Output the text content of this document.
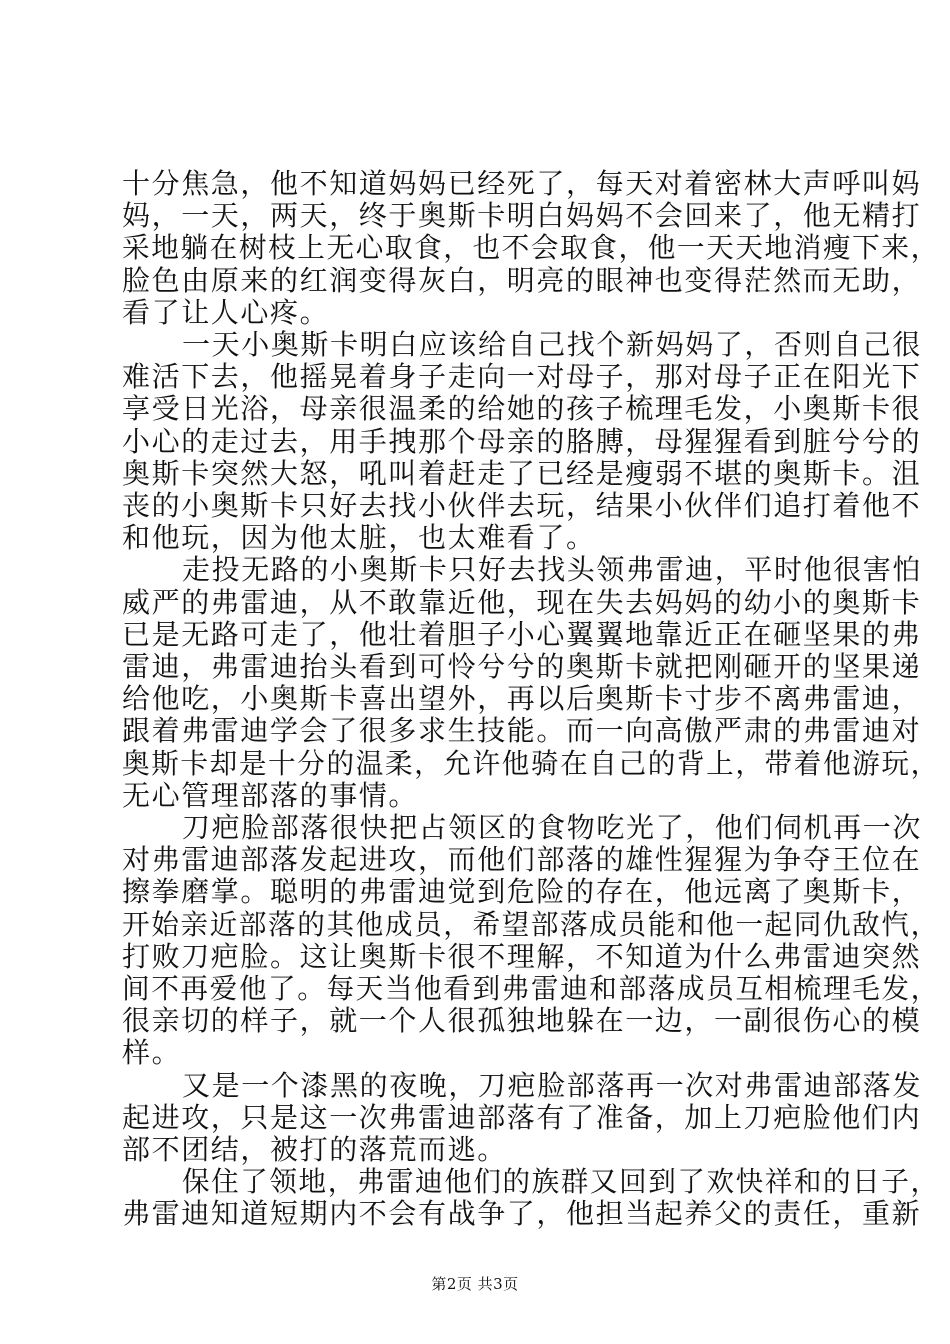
十分焦急，他不知道妈妈已经死了，每天对着密林大声呼叫妈
妈，一天，两天，终于奥斯卡明白妈妈不会回来了，他无精打
采地躺在树枝上无心取食，也不会取食，他一天天地消瘦下来，
脸色由原来的红润变得灰白，明亮的眼神也变得茫然而无助，
看了让人心疼。
一天小奥斯卡明白应该给自己找个新妈妈了，否则自己很
难活下去，他摇晃着身子走向一对母子，那对母子正在阳光下
享受日光浴，母亲很温柔的给她的孩子梳理毛发，小奥斯卡很
小心的走过去，用手拽那个母亲的胳膊，母猩猩看到脏兮兮的
奥斯卡突然大怒，吼叫着赶走了已经是瘦弱不堪的奥斯卡。沮
丧的小奥斯卡只好去找小伙伴去玩，结果小伙伴们追打着他不
和他玩，因为他太脏，也太难看了。
走投无路的小奥斯卡只好去找头领弗雷迪，平时他很害怕
威严的弗雷迪，从不敢靠近他，现在失去妈妈的幼小的奥斯卡
已是无路可走了，他壮着胆子小心翼翼地靠近正在砸坚果的弗
雷迪，弗雷迪抬头看到可怜兮兮的奥斯卡就把刚砸开的坚果递
给他吃，小奥斯卡喜出望外，再以后奥斯卡寸步不离弗雷迪，
跟着弗雷迪学会了很多求生技能。而一向高傲严肃的弗雷迪对
奥斯卡却是十分的温柔，允许他骑在自己的背上，带着他游玩，
无心管理部落的事情。
刀疤脸部落很快把占领区的食物吃光了，他们伺机再一次
对弗雷迪部落发起进攻，而他们部落的雄性猩猩为争夺王位在
擦拳磨掌。聪明的弗雷迪觉到危险的存在，他远离了奥斯卡，
开始亲近部落的其他成员，希望部落成员能和他一起同仇敌忾，
打败刀疤脸。这让奥斯卡很不理解，不知道为什么弗雷迪突然
间不再爱他了。每天当他看到弗雷迪和部落成员互相梳理毛发，
很亲切的样子，就一个人很孤独地躲在一边，一副很伤心的模
样。
又是一个漆黑的夜晚，刀疤脸部落再一次对弗雷迪部落发
起进攻，只是这一次弗雷迪部落有了准备，加上刀疤脸他们内
部不团结，被打的落荒而逃。
保住了领地，弗雷迪他们的族群又回到了欢快祥和的日子，
弗雷迪知道短期内不会有战争了，他担当起养父的责任，重新
第2页 共3页
